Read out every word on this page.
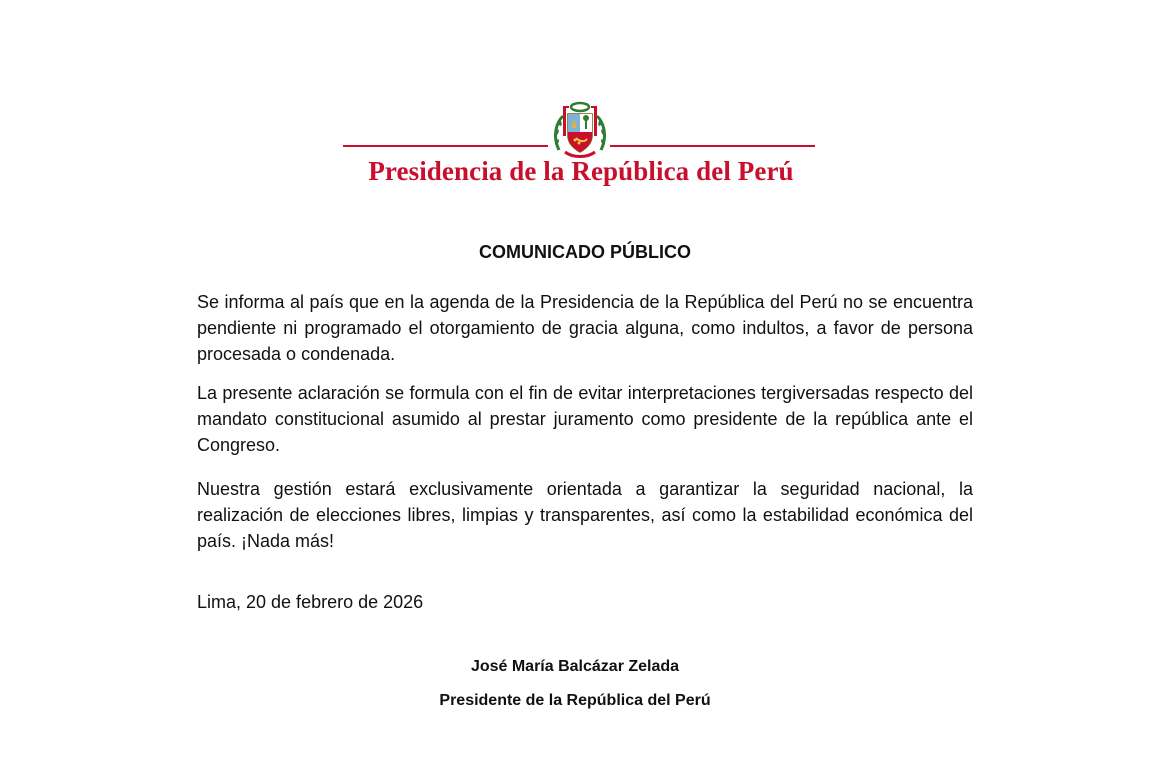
Presidencia de la República del Perú
COMUNICADO PÚBLICO
Se informa al país que en la agenda de la Presidencia de la República del Perú no se encuentra pendiente ni programado el otorgamiento de gracia alguna, como indultos, a favor de persona procesada o condenada.
La presente aclaración se formula con el fin de evitar interpretaciones tergiversadas respecto del mandato constitucional asumido al prestar juramento como presidente de la república ante el Congreso.
Nuestra gestión estará exclusivamente orientada a garantizar la seguridad nacional, la realización de elecciones libres, limpias y transparentes, así como la estabilidad económica del país. ¡Nada más!
Lima, 20 de febrero de 2026
José María Balcázar Zelada
Presidente de la República del Perú
